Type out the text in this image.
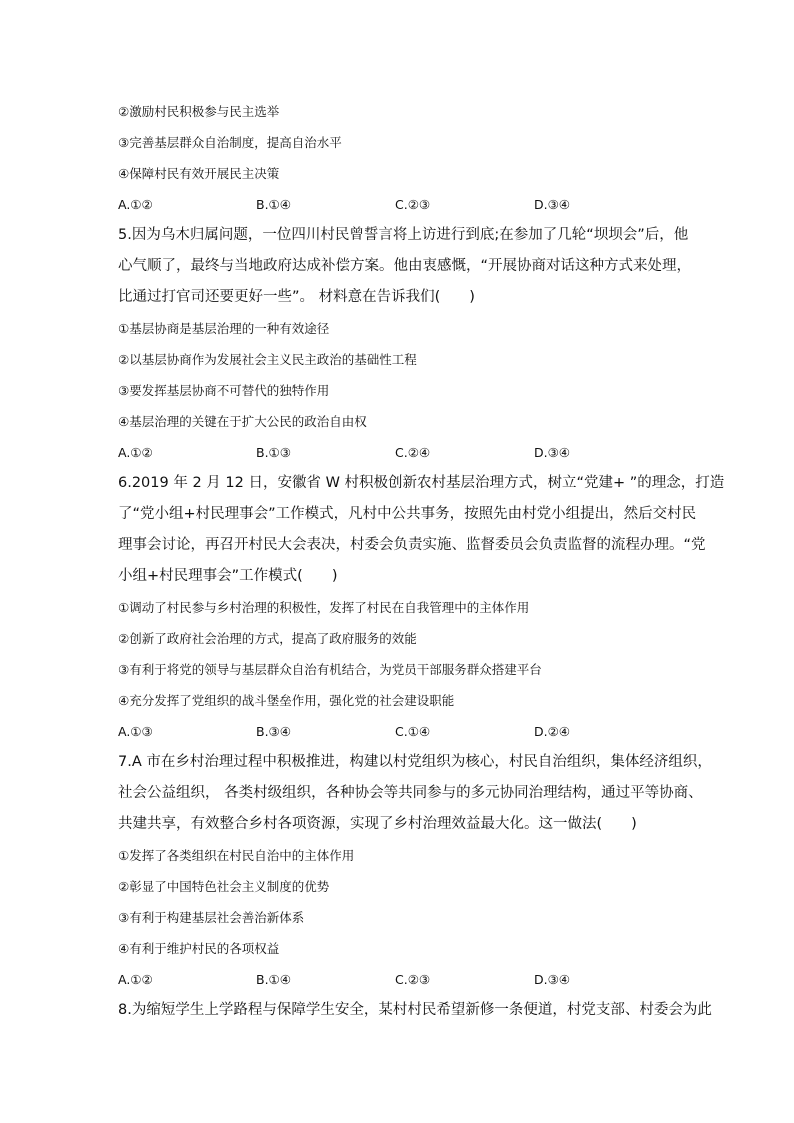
②激励村民积极参与民主选举

③完善基层群众自治制度，提高自治水平

④保障村民有效开展民主决策

A.①②	B.①④	C.②③	D.③④

5.因为乌木归属问题，一位四川村民曾誓言将上访进行到底;在参加了几轮“坝坝会”后，他

心气顺了，最终与当地政府达成补偿方案。他由衷感慨，“开展协商对话这种方式来处理，

比通过打官司还要更好一些”。 材料意在告诉我们(　　)

①基层协商是基层治理的一种有效途径

②以基层协商作为发展社会主义民主政治的基础性工程

③要发挥基层协商不可替代的独特作用

④基层治理的关键在于扩大公民的政治自由权

A.①②	B.①③	C.②④	D.③④

6.2019 年 2 月 12 日，安徽省 W 村积极创新农村基层治理方式，树立“党建+ ”的理念，打造

了“党小组+村民理事会”工作模式，凡村中公共事务，按照先由村党小组提出，然后交村民

理事会讨论，再召开村民大会表决，村委会负责实施、监督委员会负责监督的流程办理。“党

小组+村民理事会”工作模式(　　)

①调动了村民参与乡村治理的积极性，发挥了村民在自我管理中的主体作用

②创新了政府社会治理的方式，提高了政府服务的效能

③有利于将党的领导与基层群众自治有机结合，为党员干部服务群众搭建平台

④充分发挥了党组织的战斗堡垒作用，强化党的社会建设职能

A.①③	B.③④	C.①④	D.②④

7.A 市在乡村治理过程中积极推进，构建以村党组织为核心，村民自治组织，集体经济组织，

社会公益组织， 各类村级组织，各种协会等共同参与的多元协同治理结构，通过平等协商、

共建共享，有效整合乡村各项资源，实现了乡村治理效益最大化。这一做法(　　)

①发挥了各类组织在村民自治中的主体作用

②彰显了中国特色社会主义制度的优势

③有利于构建基层社会善治新体系

④有利于维护村民的各项权益

A.①②	B.①④	C.②③	D.③④

8.为缩短学生上学路程与保障学生安全，某村村民希望新修一条便道，村党支部、村委会为此
